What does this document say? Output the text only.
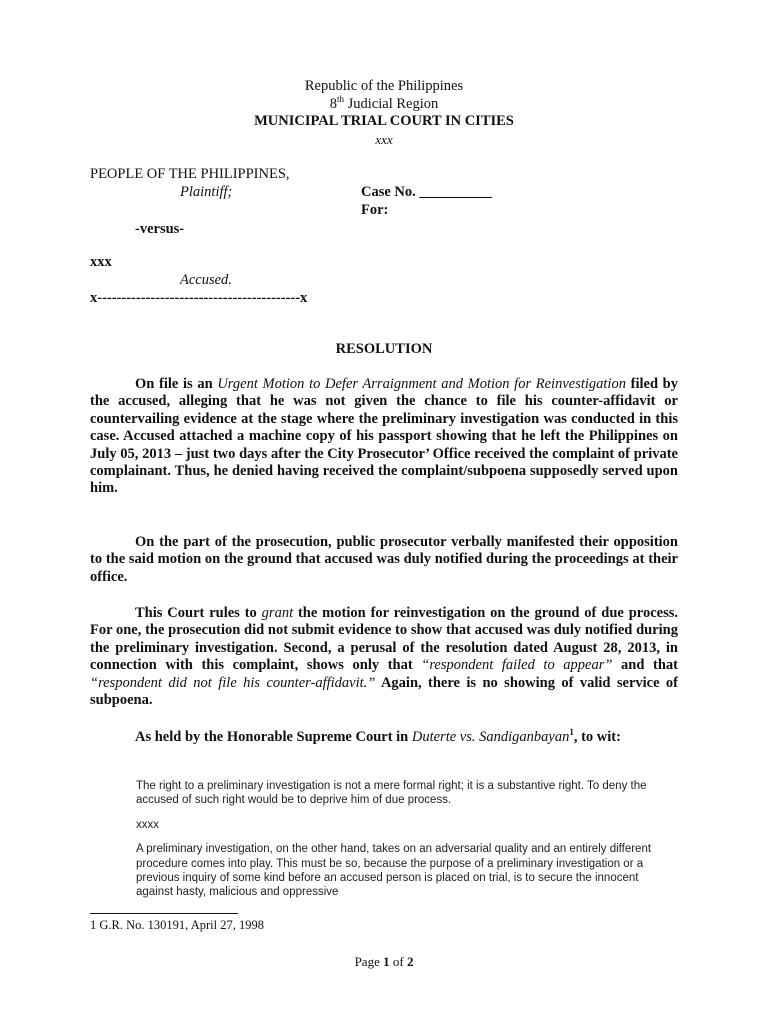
Republic of the Philippines
8th Judicial Region
MUNICIPAL TRIAL COURT IN CITIES
xxx
PEOPLE OF THE PHILIPPINES,
Plaintiff;	Case No. __________
For:
-versus-
xxx
Accused.
x------------------------------------------x
RESOLUTION

On file is an Urgent Motion to Defer Arraignment and Motion for Reinvestigation filed by the accused, alleging that he was not given the chance to file his counter-affidavit or countervailing evidence at the stage where the preliminary investigation was conducted in this case. Accused attached a machine copy of his passport showing that he left the Philippines on July 05, 2013 – just two days after the City Prosecutor’ Office received the complaint of private complainant. Thus, he denied having received the complaint/subpoena supposedly served upon him.

On the part of the prosecution, public prosecutor verbally manifested their opposition to the said motion on the ground that accused was duly notified during the proceedings at their office.

This Court rules to grant the motion for reinvestigation on the ground of due process. For one, the prosecution did not submit evidence to show that accused was duly notified during the preliminary investigation. Second, a perusal of the resolution dated August 28, 2013, in connection with this complaint, shows only that “respondent failed to appear” and that “respondent did not file his counter-affidavit.” Again, there is no showing of valid service of subpoena.

As held by the Honorable Supreme Court in Duterte vs. Sandiganbayan$^1$, to wit:

The right to a preliminary investigation is not a mere formal right; it is a substantive right. To deny the accused of such right would be to deprive him of due process.

xxxx

A preliminary investigation, on the other hand, takes on an adversarial quality and an entirely different procedure comes into play. This must be so, because the purpose of a preliminary investigation or a previous inquiry of some kind before an accused person is placed on trial, is to secure the innocent against hasty, malicious and oppressive

1 G.R. No. 130191, April 27, 1998
Page 1 of 2
